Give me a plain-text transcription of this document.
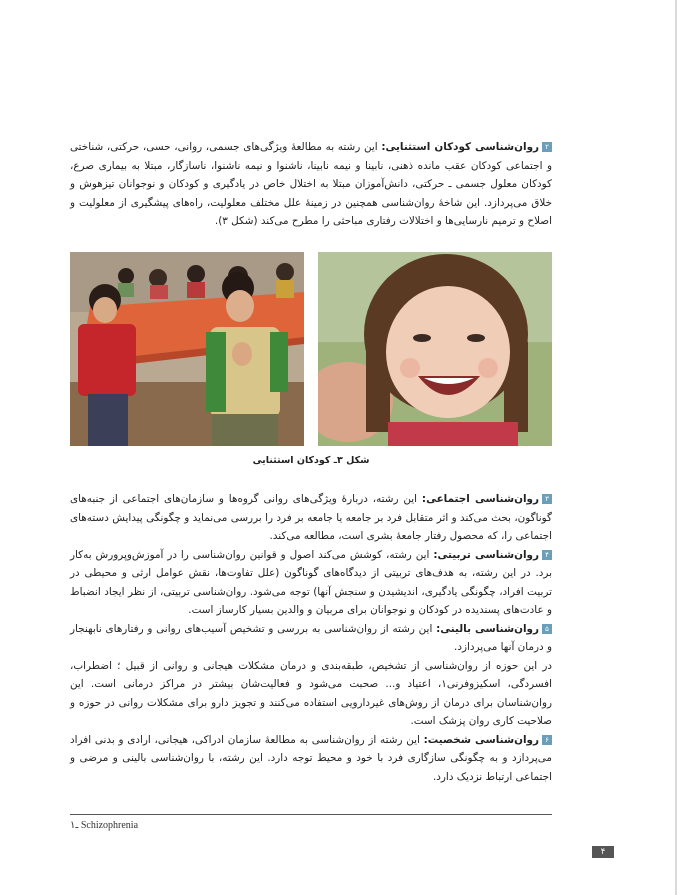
۲روان‌شناسی کودکان استثنایی: این رشته به مطالعهٔ ویژگی‌های جسمی، روانی، حسی، حرکتی، شناختی و اجتماعی کودکان عقب مانده ذهنی، نابینا و نیمه نابینا، ناشنوا و نیمه ناشنوا، ناسازگار، مبتلا به بیماری صرع، کودکان معلول جسمی ـ حرکتی، دانش‌آموزان مبتلا به اختلال خاص در یادگیری و کودکان و نوجوانان تیزهوش و خلاق می‌پردازد. این شاخهٔ روان‌شناسی همچنین در زمینهٔ علل مختلف معلولیت، راه‌های پیشگیری از معلولیت و اصلاح و ترمیم نارسایی‌ها و اختلالات رفتاری مباحثی را مطرح می‌کند (شکل ۳).

شکل ۳ـ کودکان استثنایی

۳روان‌شناسی اجتماعی: این رشته، دربارهٔ ویژگی‌های روانی گروه‌ها و سازمان‌های اجتماعی از جنبه‌های گوناگون، بحث می‌کند و اثر متقابل فرد بر جامعه یا جامعه بر فرد را بررسی می‌نماید و چگونگی پیدایش دسته‌های اجتماعی را، که محصول رفتار جامعهٔ بشری است، مطالعه می‌کند.

۴روان‌شناسی تربیتی: این رشته، کوشش می‌کند اصول و قوانین روان‌شناسی را در آموزش‌وپرورش به‌کار برد. در این رشته، به هدف‌های تربیتی از دیدگاه‌های گوناگون (علل تفاوت‌ها، نقش عوامل ارثی و محیطی در تربیت افراد، چگونگی یادگیری، اندیشیدن و سنجش آنها) توجه می‌شود. روان‌شناسی تربیتی، از نظر ایجاد انضباط و عادت‌های پسندیده در کودکان و نوجوانان برای مربیان و والدین بسیار کارساز است.

۵روان‌شناسی بالینی: این رشته از روان‌شناسی به بررسی و تشخیص آسیب‌های روانی و رفتارهای نابهنجار و درمان آنها می‌پردازد.

در این حوزه از روان‌شناسی از تشخیص، طبقه‌بندی و درمان مشکلات هیجانی و روانی از قبیل ؛ اضطراب، افسردگی، اسکیزوفرنی۱، اعتیاد و... صحبت می‌شود و فعالیت‌شان بیشتر در مراکز درمانی است. این روان‌شناسان برای درمان از روش‌های غیردارویی استفاده می‌کنند و تجویز دارو برای مشکلات روانی در حوزه و صلاحیت کاری روان پزشک است.

۶روان‌شناسی شخصیت: این رشته از روان‌شناسی به مطالعهٔ سازمان ادراکی، هیجانی، ارادی و بدنی افراد می‌پردازد و به چگونگی سازگاری فرد با خود و محیط توجه دارد. این رشته، با روان‌شناسی بالینی و مرضی و اجتماعی ارتباط نزدیک دارد.

۱ـ Schizophrenia
۴
